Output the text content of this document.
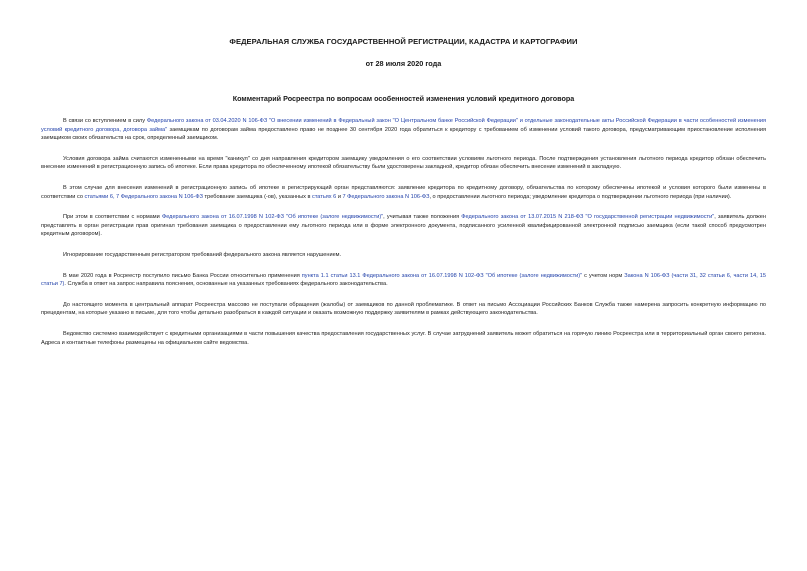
ФЕДЕРАЛЬНАЯ СЛУЖБА ГОСУДАРСТВЕННОЙ РЕГИСТРАЦИИ, КАДАСТРА И КАРТОГРАФИИ
от 28 июля 2020 года
Комментарий Росреестра по вопросам особенностей изменения условий кредитного договора

В связи со вступлением в силу Федерального закона от 03.04.2020 N 106-ФЗ "О внесении изменений в Федеральный закон "О Центральном банке Российской Федерации" и отдельные законодательные акты Российской Федерации в части особенностей изменения условий кредитного договора, договора займа" заемщикам по договорам займа предоставлено право не позднее 30 сентября 2020 года обратиться к кредитору с требованием об изменении условий такого договора, предусматривающим приостановление исполнения заемщиком своих обязательств на срок, определенный заемщиком.

Условия договора займа считаются измененными на время "каникул" со дня направления кредитором заемщику уведомления о его соответствии условиям льготного периода. После подтверждения установления льготного периода кредитор обязан обеспечить внесение изменений в регистрационную запись об ипотеке. Если права кредитора по обеспеченному ипотекой обязательству были удостоверены закладной, кредитор обязан обеспечить внесение изменений в закладную.

В этом случае для внесения изменений в регистрационную запись об ипотеке в регистрирующий орган представляются: заявление кредитора по кредитному договору, обязательства по которому обеспечены ипотекой и условия которого были изменены в соответствии со статьями 6, 7 Федерального закона N 106-ФЗ требование заемщика (-ов), указанных в статьях 6 и 7 Федерального закона N 106-ФЗ, о предоставлении льготного периода; уведомление кредитора о подтверждении льготного периода (при наличии).

При этом в соответствии с нормами Федерального закона от 16.07.1998 N 102-ФЗ "Об ипотеке (залоге недвижимости)", учитывая также положения Федерального закона от 13.07.2015 N 218-ФЗ "О государственной регистрации недвижимости", заявитель должен представлять в орган регистрации прав оригинал требования заемщика о предоставлении ему льготного периода или в форме электронного документа, подписанного усиленной квалифицированной электронной подписью заемщика (если такой способ предусмотрен кредитным договором).

Игнорирование государственным регистратором требований федерального закона является нарушением.

В мае 2020 года в Росреестр поступило письмо Банка России относительно применения пункта 1.1 статьи 13.1 Федерального закона от 16.07.1998 N 102-ФЗ "Об ипотеке (залоге недвижимости)" с учетом норм Закона N 106-ФЗ (части 31, 32 статьи 6, части 14, 15 статьи 7). Служба в ответ на запрос направила пояснения, основанные на указанных требованиях федерального законодательства.

До настоящего момента в центральный аппарат Росреестра массово не поступали обращения (жалобы) от заемщиков по данной проблематике. В ответ на письмо Ассоциации Российских Банков Служба также намерена запросить конкретную информацию по прецедентам, на которые указано в письме, для того чтобы детально разобраться в каждой ситуации и оказать возможную поддержку заявителям в рамках действующего законодательства.

Ведомство системно взаимодействует с кредитными организациями в части повышения качества предоставления государственных услуг. В случае затруднений заявитель может обратиться на горячую линию Росреестра или в территориальный орган своего региона. Адреса и контактные телефоны размещены на официальном сайте ведомства.
